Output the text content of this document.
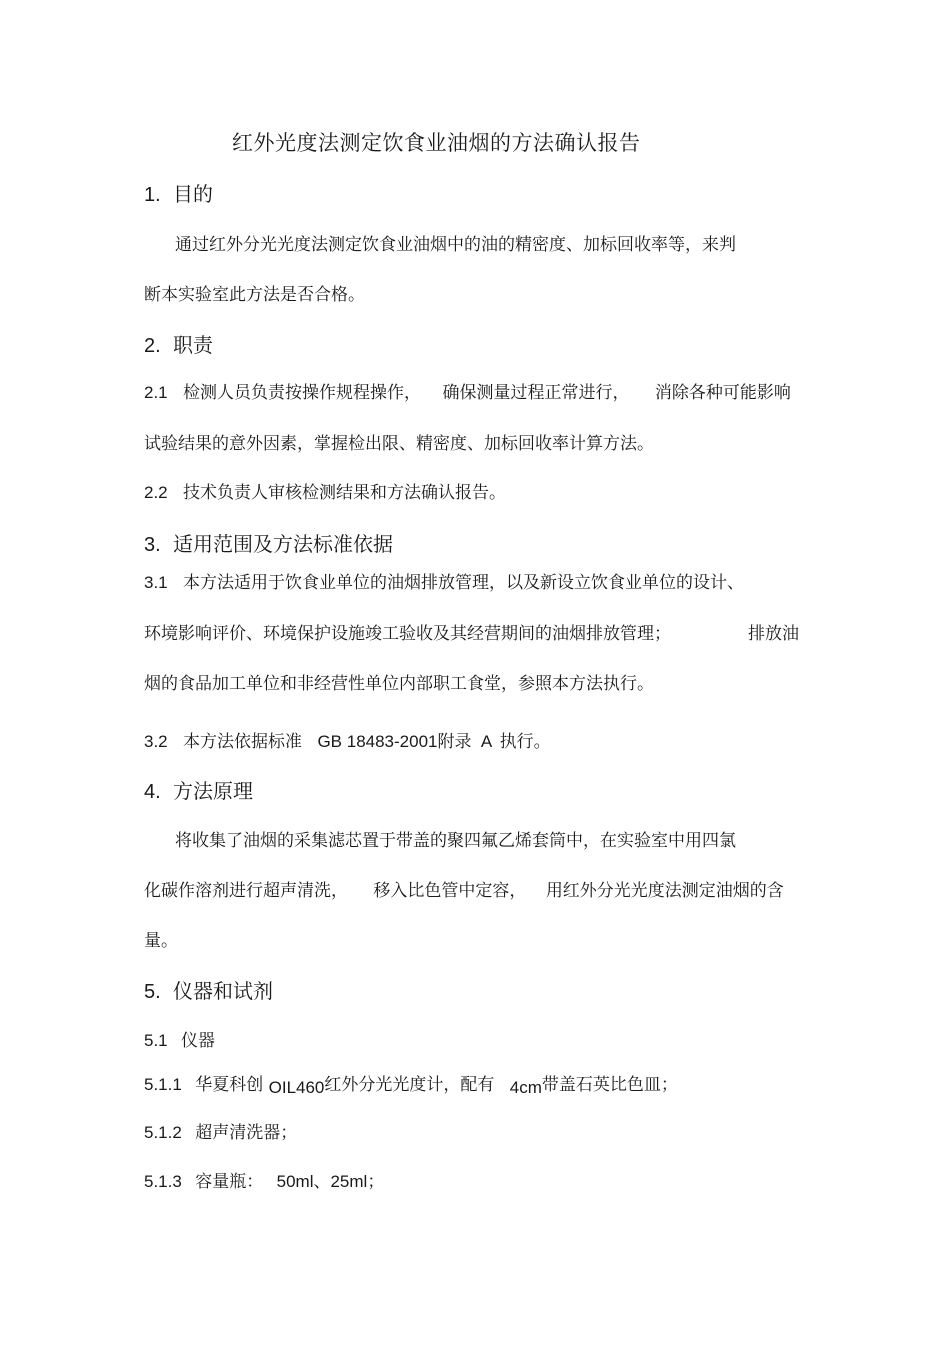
红外光度法测定饮食业油烟的方法确认报告
1. 目的
通过红外分光光度法测定饮食业油烟中的油的精密度、加标回收率等，来判
断本实验室此方法是否合格。
2. 职责
2.1 检测人员负责按操作规程操作， 确保测量过程正常进行， 消除各种可能影响
试验结果的意外因素，掌握检出限、精密度、加标回收率计算方法。
2.2 技术负责人审核检测结果和方法确认报告。
3. 适用范围及方法标准依据
3.1 本方法适用于饮食业单位的油烟排放管理，以及新设立饮食业单位的设计、
环境影响评价、环境保护设施竣工验收及其经营期间的油烟排放管理；	排放油
烟的食品加工单位和非经营性单位内部职工食堂，参照本方法执行。
3.2 本方法依据标准 GB 18483-2001附录 A 执行。
4. 方法原理
将收集了油烟的采集滤芯置于带盖的聚四氟乙烯套筒中，在实验室中用四氯
化碳作溶剂进行超声清洗， 移入比色管中定容， 用红外分光光度法测定油烟的含
量。
5. 仪器和试剂
5.1 仪器
5.1.1 华夏科创 OIL460红外分光光度计，配有 4cm带盖石英比色皿；
5.1.2 超声清洗器；
5.1.3 容量瓶： 50ml、25ml；
